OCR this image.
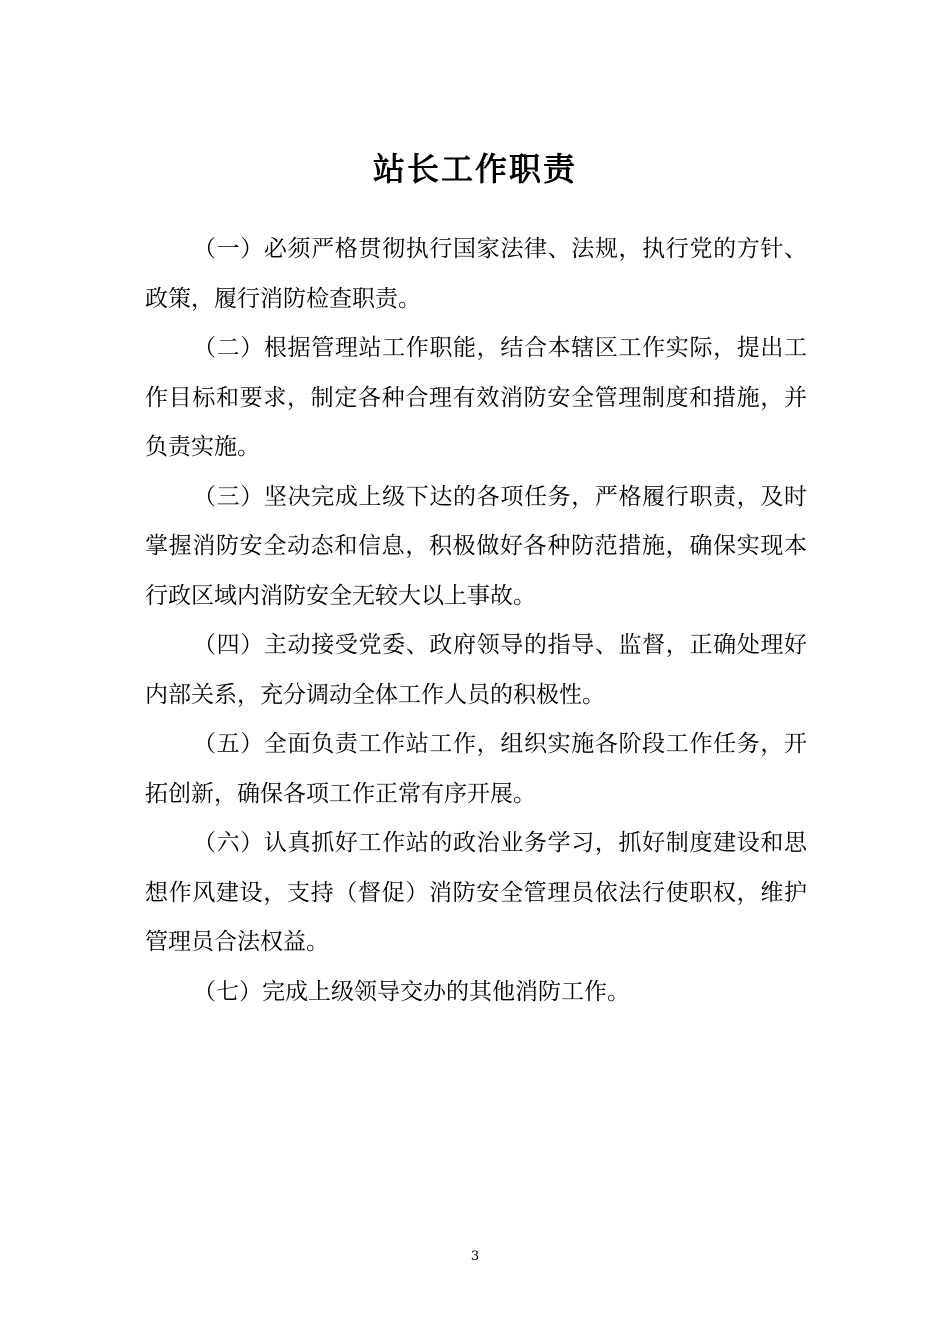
站长工作职责

（一）必须严格贯彻执行国家法律、法规，执行党的方针、政策，履行消防检查职责。

（二）根据管理站工作职能，结合本辖区工作实际，提出工作目标和要求，制定各种合理有效消防安全管理制度和措施，并负责实施。

（三）坚决完成上级下达的各项任务，严格履行职责，及时掌握消防安全动态和信息，积极做好各种防范措施，确保实现本行政区域内消防安全无较大以上事故。

（四）主动接受党委、政府领导的指导、监督，正确处理好内部关系，充分调动全体工作人员的积极性。

（五）全面负责工作站工作，组织实施各阶段工作任务，开拓创新，确保各项工作正常有序开展。

（六）认真抓好工作站的政治业务学习，抓好制度建设和思想作风建设，支持（督促）消防安全管理员依法行使职权，维护管理员合法权益。

（七）完成上级领导交办的其他消防工作。

3
